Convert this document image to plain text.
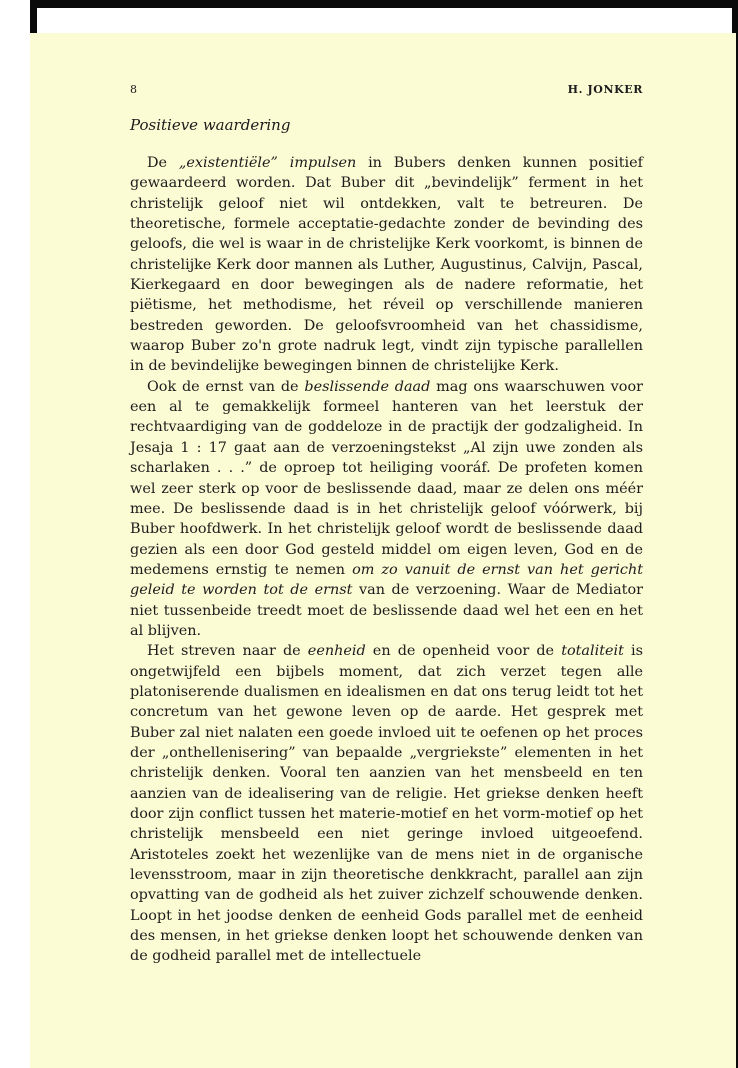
8	H. JONKER
Positieve waardering

De „existentiële” impulsen in Bubers denken kunnen positief gewaardeerd worden. Dat Buber dit „bevindelijk” ferment in het christelijk geloof niet wil ontdekken, valt te betreuren. De theoretische, formele acceptatie-gedachte zonder de bevinding des geloofs, die wel is waar in de christelijke Kerk voorkomt, is binnen de christelijke Kerk door mannen als Luther, Augustinus, Calvijn, Pascal, Kierkegaard en door bewegingen als de nadere reformatie, het piëtisme, het methodisme, het réveil op verschillende manieren bestreden geworden. De geloofsvroomheid van het chassidisme, waarop Buber zo'n grote nadruk legt, vindt zijn typische parallellen in de bevindelijke bewegingen binnen de christelijke Kerk.

Ook de ernst van de beslissende daad mag ons waarschuwen voor een al te gemakkelijk formeel hanteren van het leerstuk der rechtvaardiging van de goddeloze in de practijk der godzaligheid. In Jesaja 1 : 17 gaat aan de verzoeningstekst „Al zijn uwe zonden als scharlaken . . .” de oproep tot heiliging vooráf. De profeten komen wel zeer sterk op voor de beslissende daad, maar ze delen ons méér mee. De beslissende daad is in het christelijk geloof vóórwerk, bij Buber hoofdwerk. In het christelijk geloof wordt de beslissende daad gezien als een door God gesteld middel om eigen leven, God en de medemens ernstig te nemen om zo vanuit de ernst van het gericht geleid te worden tot de ernst van de verzoening. Waar de Mediator niet tussenbeide treedt moet de beslissende daad wel het een en het al blijven.

Het streven naar de eenheid en de openheid voor de totaliteit is ongetwijfeld een bijbels moment, dat zich verzet tegen alle platoniserende dualismen en idealismen en dat ons terug leidt tot het concretum van het gewone leven op de aarde. Het gesprek met Buber zal niet nalaten een goede invloed uit te oefenen op het proces der „onthellenisering” van bepaalde „vergriekste” elementen in het christelijk denken. Vooral ten aanzien van het mensbeeld en ten aanzien van de idealisering van de religie. Het griekse denken heeft door zijn conflict tussen het materie-motief en het vorm-motief op het christelijk mensbeeld een niet geringe invloed uitgeoefend. Aristoteles zoekt het wezenlijke van de mens niet in de organische levensstroom, maar in zijn theoretische denkkracht, parallel aan zijn opvatting van de godheid als het zuiver zichzelf schouwende denken. Loopt in het joodse denken de eenheid Gods parallel met de eenheid des mensen, in het griekse denken loopt het schouwende denken van de godheid parallel met de intellectuele
